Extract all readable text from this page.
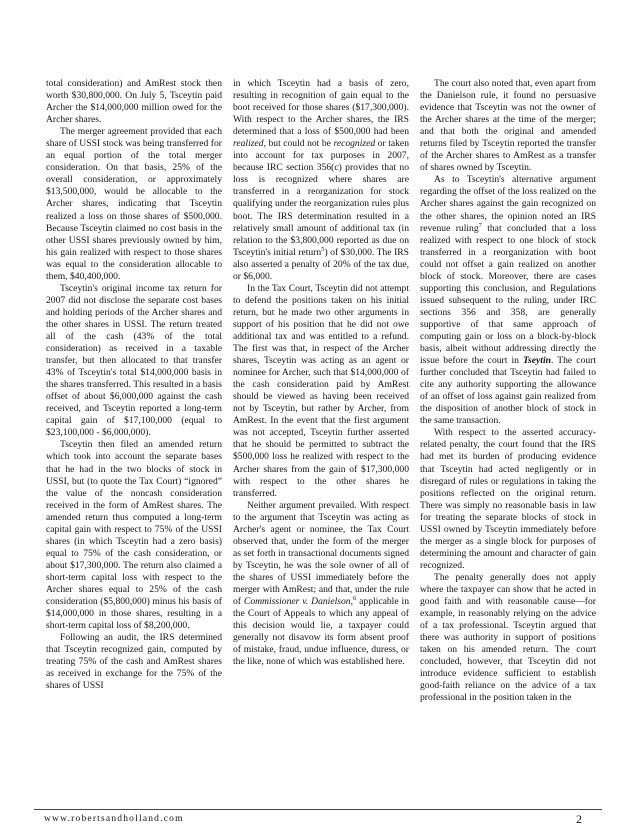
total consideration) and AmRest stock then worth $30,800,000. On July 5, Tsceytin paid Archer the $14,000,000 million owed for the Archer shares.

The merger agreement provided that each share of USSI stock was being transferred for an equal portion of the total merger consideration. On that basis, 25% of the overall consideration, or approximately $13,500,000, would be allocable to the Archer shares, indicating that Tsceytin realized a loss on those shares of $500,000. Because Tsceytin claimed no cost basis in the other USSI shares previously owned by him, his gain realized with respect to those shares was equal to the consideration allocable to them, $40,400,000.

Tsceytin's original income tax return for 2007 did not disclose the separate cost bases and holding periods of the Archer shares and the other shares in USSI. The return treated all of the cash (43% of the total consideration) as received in a taxable transfer, but then allocated to that transfer 43% of Tsceytin's total $14,000,000 basis in the shares transferred. This resulted in a basis offset of about $6,000,000 against the cash received, and Tsceytin reported a long-term capital gain of $17,100,000 (equal to $23,100,000 - $6,000,000).

Tsceytin then filed an amended return which took into account the separate bases that he had in the two blocks of stock in USSI, but (to quote the Tax Court) “ignored” the value of the noncash consideration received in the form of AmRest shares. The amended return thus computed a long-term capital gain with respect to 75% of the USSI shares (in which Tsceytin had a zero basis) equal to 75% of the cash consideration, or about $17,300,000. The return also claimed a short-term capital loss with respect to the Archer shares equal to 25% of the cash consideration ($5,800,000) minus his basis of $14,000,000 in those shares, resulting in a short-term capital loss of $8,200,000.

Following an audit, the IRS determined that Tsceytin recognized gain, computed by treating 75% of the cash and AmRest shares as received in exchange for the 75% of the shares of USSI

in which Tsceytin had a basis of zero, resulting in recognition of gain equal to the boot received for those shares ($17,300,000). With respect to the Archer shares, the IRS determined that a loss of $500,000 had been realized, but could not be recognized or taken into account for tax purposes in 2007, because IRC section 356(c) provides that no loss is recognized where shares are transferred in a reorganization for stock qualifying under the reorganization rules plus boot. The IRS determination resulted in a relatively small amount of additional tax (in relation to the $3,800,000 reported as due on Tsceytin's initial return$^5$) of $30,000. The IRS also asserted a penalty of 20% of the tax due, or $6,000.

In the Tax Court, Tsceytin did not attempt to defend the positions taken on his initial return, but he made two other arguments in support of his position that he did not owe additional tax and was entitled to a refund. The first was that, in respect of the Archer shares, Tsceytin was acting as an agent or nominee for Archer, such that $14,000,000 of the cash consideration paid by AmRest should be viewed as having been received not by Tsceytin, but rather by Archer, from AmRest. In the event that the first argument was not accepted, Tsceytin further asserted that he should be permitted to subtract the $500,000 loss he realized with respect to the Archer shares from the gain of $17,300,000 with respect to the other shares he transferred.

Neither argument prevailed. With respect to the argument that Tsceytin was acting as Archer's agent or nominee, the Tax Court observed that, under the form of the merger as set forth in transactional documents signed by Tsceytin, he was the sole owner of all of the shares of USSI immediately before the merger with AmRest; and that, under the rule of Commissioner v. Danielson,$^6$ applicable in the Court of Appeals to which any appeal of this decision would lie, a taxpayer could generally not disavow its form absent proof of mistake, fraud, undue influence, duress, or the like, none of which was established here.

The court also noted that, even apart from the Danielson rule, it found no persuasive evidence that Tsceytin was not the owner of the Archer shares at the time of the merger; and that both the original and amended returns filed by Tsceytin reported the transfer of the Archer shares to AmRest as a transfer of shares owned by Tsceytin.

As to Tsceytin's alternative argument regarding the offset of the loss realized on the Archer shares against the gain recognized on the other shares, the opinion noted an IRS revenue ruling$^7$ that concluded that a loss realized with respect to one block of stock transferred in a reorganization with boot could not offset a gain realized on another block of stock. Moreover, there are cases supporting this conclusion, and Regulations issued subsequent to the ruling, under IRC sections 356 and 358, are generally supportive of that same approach of computing gain or loss on a block-by-block basis, albeit without addressing directly the issue before the court in Tseytin. The court further concluded that Tsceytin had failed to cite any authority supporting the allowance of an offset of loss against gain realized from the disposition of another block of stock in the same transaction.

With respect to the asserted accuracy-related penalty, the court found that the IRS had met its burden of producing evidence that Tsceytin had acted negligently or in disregard of rules or regulations in taking the positions reflected on the original return. There was simply no reasonable basis in law for treating the separate blocks of stock in USSI owned by Tsceytin immediately before the merger as a single block for purposes of determining the amount and character of gain recognized.

The penalty generally does not apply where the taxpayer can show that he acted in good faith and with reasonable cause—for example, in reasonably relying on the advice of a tax professional. Tsceytin argued that there was authority in support of positions taken on his amended return. The court concluded, however, that Tsceytin did not introduce evidence sufficient to establish good-faith reliance on the advice of a tax professional in the position taken in the

www.robertsandholland.com	2
